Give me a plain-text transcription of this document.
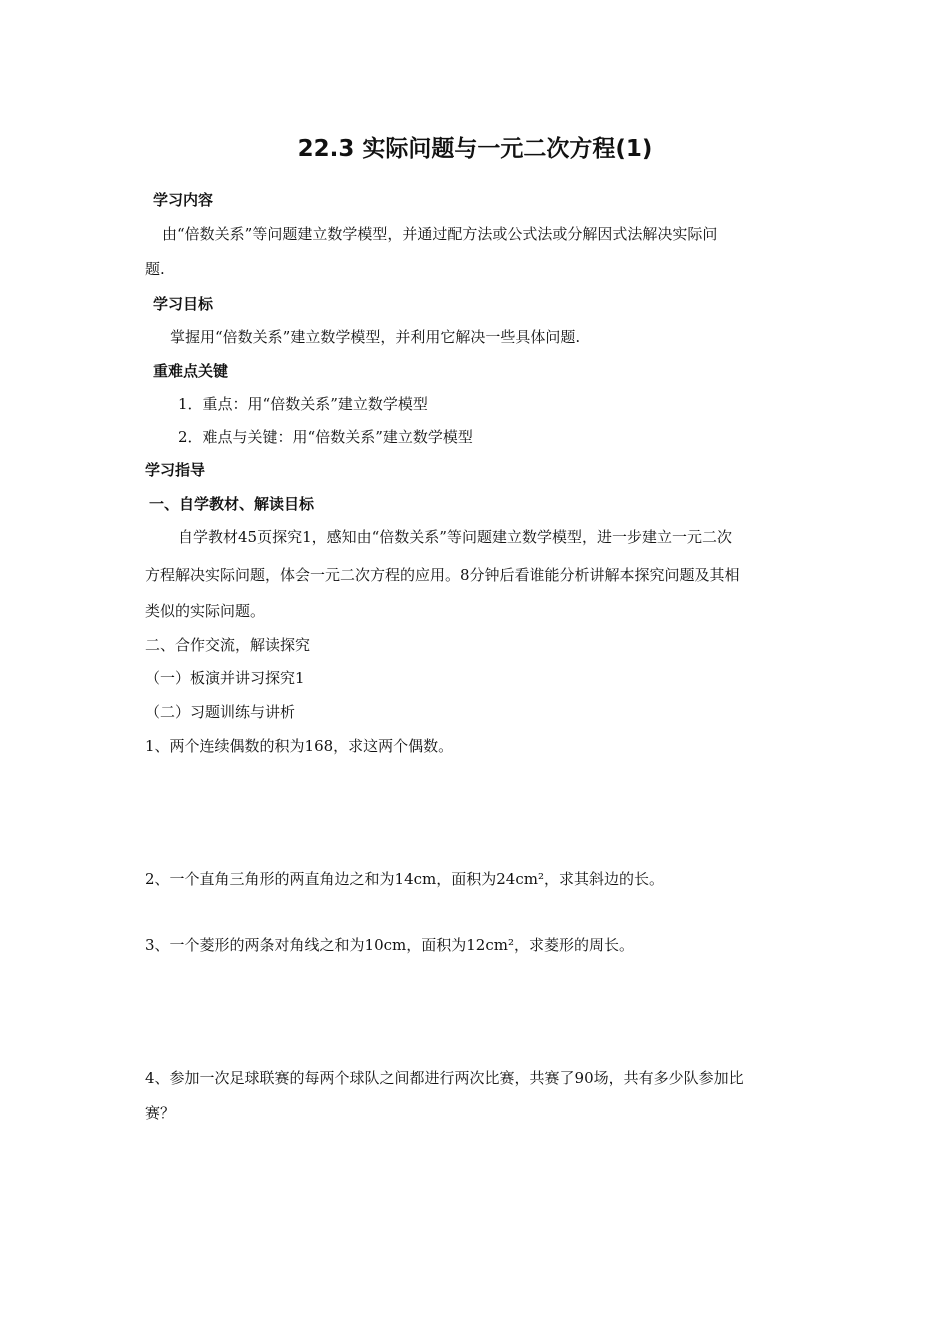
22.3 实际问题与一元二次方程(1)
学习内容
由“倍数关系”等问题建立数学模型，并通过配方法或公式法或分解因式法解决实际问
题.
学习目标
掌握用“倍数关系”建立数学模型，并利用它解决一些具体问题.
重难点关键
1．重点：用“倍数关系”建立数学模型
2．难点与关键：用“倍数关系”建立数学模型
学习指导
一、自学教材、解读目标
自学教材45页探究1，感知由“倍数关系”等问题建立数学模型，进一步建立一元二次
方程解决实际问题，体会一元二次方程的应用。8分钟后看谁能分析讲解本探究问题及其相
类似的实际问题。
二、合作交流，解读探究
（一）板演并讲习探究1
（二）习题训练与讲析
1、两个连续偶数的积为168，求这两个偶数。
2、一个直角三角形的两直角边之和为14cm，面积为24cm²，求其斜边的长。
3、一个菱形的两条对角线之和为10cm，面积为12cm²，求菱形的周长。
4、参加一次足球联赛的每两个球队之间都进行两次比赛，共赛了90场，共有多少队参加比
赛？
